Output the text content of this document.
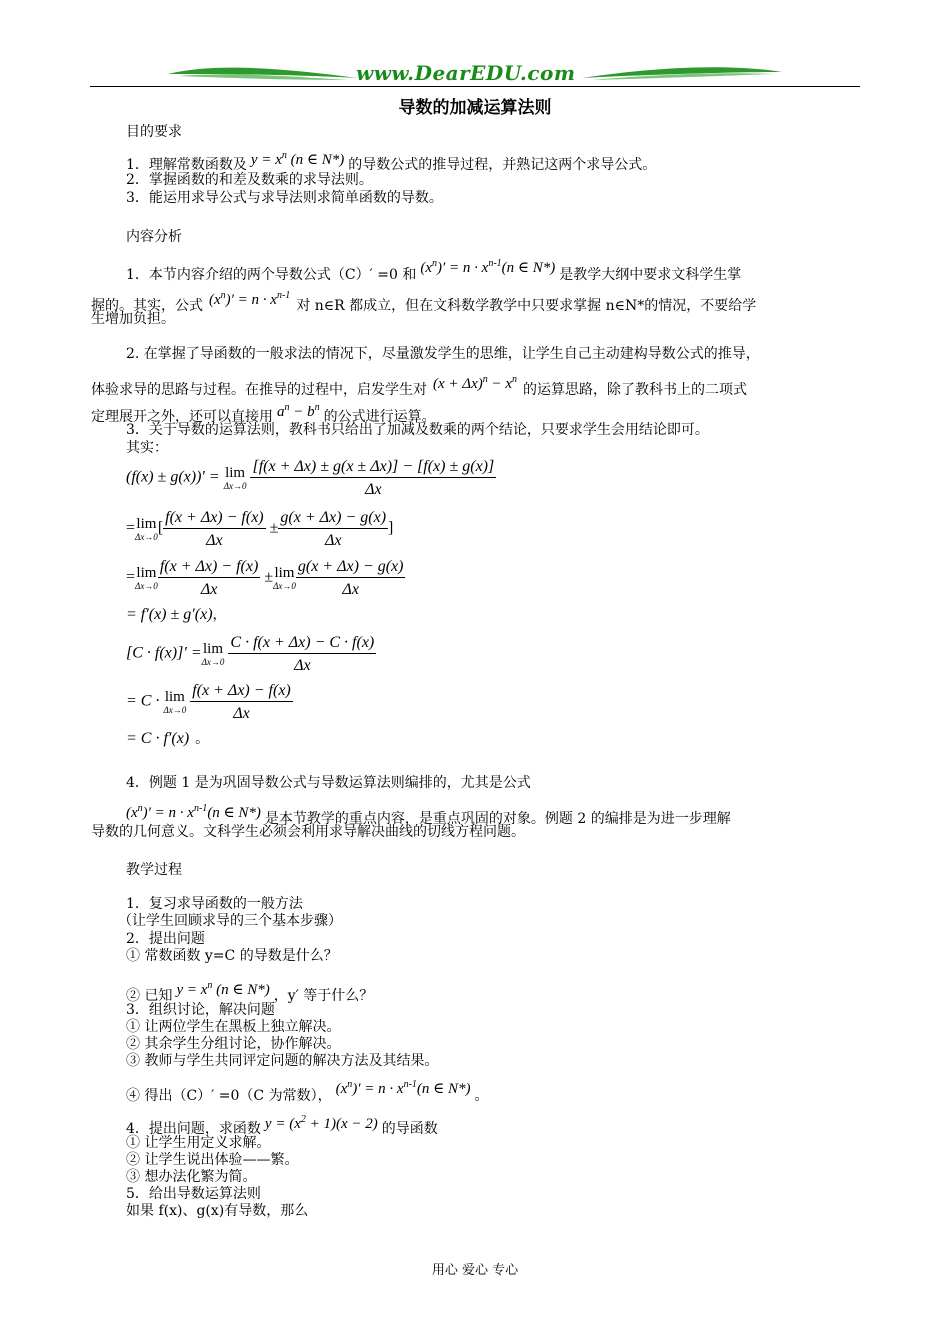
www.DearEDU.com
导数的加减运算法则
目的要求
1．理解常数函数及 $y = x^n$ (n ∈ N*) 的导数公式的推导过程，并熟记这两个求导公式。
2．掌握函数的和差及数乘的求导法则。
3．能运用求导公式与求导法则求简单函数的导数。
内容分析
1．本节内容介绍的两个导数公式（C）′ =0 和 $(x^n)' = n \cdot x^{n-1}(n$ ∈ N*) 是教学大纲中要求文科学生掌
握的。其实，公式 $(x^n)' = n \cdot x^{n-1}$对 n∈R 都成立，但在文科数学教学中只要求掌握 n∈N*的情况，不要给学
生增加负担。
2. 在掌握了导函数的一般求法的情况下，尽量激发学生的思维，让学生自己主动建构导数公式的推导，
体验求导的思路与过程。在推导的过程中，启发学生对 $(x + \Delta x)^n - x^n$的运算思路，除了教科书上的二项式
定理展开之外，还可以直接用 $a^n - b^n$的公式进行运算。
3．关于导数的运算法则，教科书只给出了加减及数乘的两个结论，只要求学生会用结论即可。
其实：
(f(x) ± g(x))′ = lim
Δx→0
$\frac{[f(x + \Delta x) \pm g(x \pm \Delta x)] - [f(x) \pm g(x)]}{\Delta x}$
= lim
Δx→0
[ $\frac{f(x + \Delta x) - f(x)}{\Delta x} \pm \frac{g(x + \Delta x) - g(x)}{\Delta x}$ ]
= lim
$\Delta x\to 0 \frac{f(x + \Delta x) - f(x)}{\Delta x} \pm \lim$
$\Delta x\to 0 \frac{g(x + \Delta x) - g(x)}{\Delta x}$
= f′(x) ± g′(x)，
[C · f(x)]′ = lim
Δx→0
$\frac{C \cdot f(x + \Delta x) - C \cdot f(x)}{\Delta x}$
= C · lim
Δx→0
$\frac{f(x + \Delta x) - f(x)}{\Delta x}$
= C · f′(x) 。
4．例题 1 是为巩固导数公式与导数运算法则编排的，尤其是公式
$(x^n)' = n \cdot x^{n-1}(n$ ∈ N*) 是本节教学的重点内容，是重点巩固的对象。例题 2 的编排是为进一步理解
导数的几何意义。文科学生必须会利用求导解决曲线的切线方程问题。
教学过程
1．复习求导函数的一般方法
（让学生回顾求导的三个基本步骤）
2．提出问题
① 常数函数 y=C 的导数是什么？
② 已知 $y = x^n$ (n ∈ N*) ，y′ 等于什么？
3．组织讨论，解决问题
① 让两位学生在黑板上独立解决。
② 其余学生分组讨论，协作解决。
③ 教师与学生共同评定问题的解决方法及其结果。
④ 得出（C）′ =0（C 为常数）， $(x^n)' = n \cdot x^{n-1}(n$ ∈ N*) 。
4．提出问题，求函数 $y = (x^2 + 1)(x - 2)$ 的导函数
① 让学生用定义求解。
② 让学生说出体验——繁。
③ 想办法化繁为简。
5．给出导数运算法则
如果 f(x)、g(x)有导数，那么
用心 爱心 专心
